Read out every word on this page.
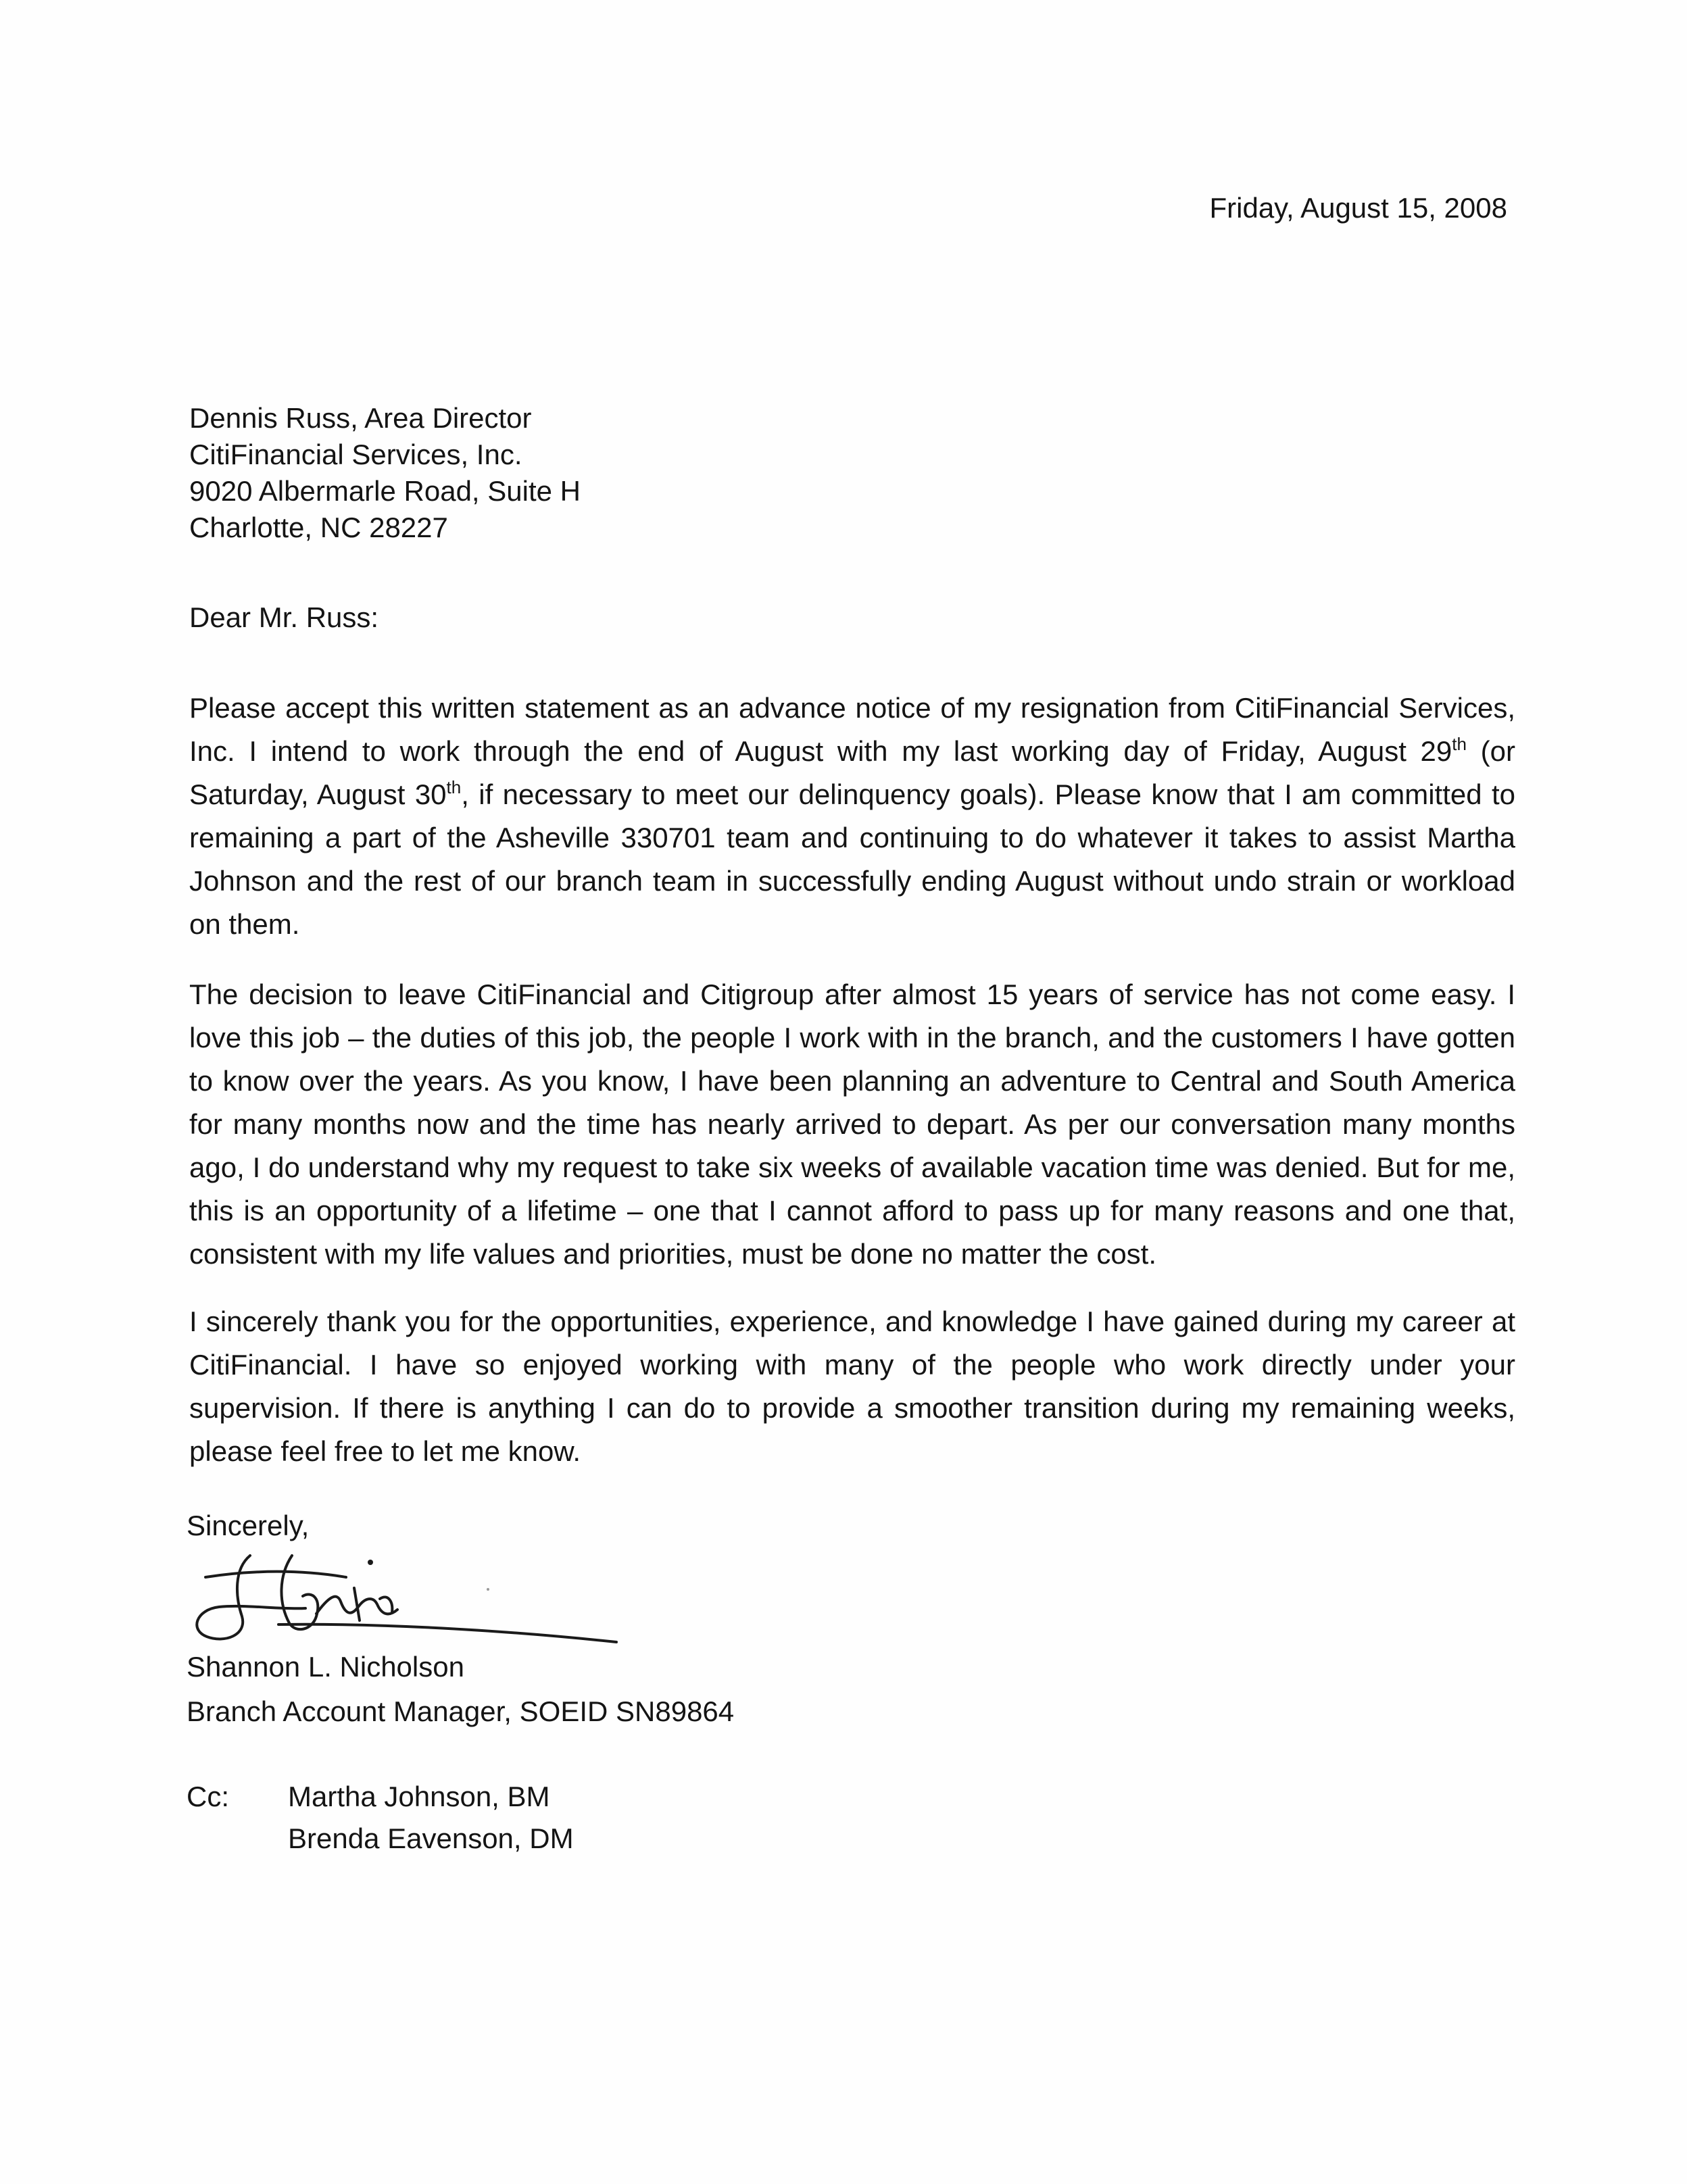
Friday, August 15, 2008
Dennis Russ, Area Director
CitiFinancial Services, Inc.
9020 Albermarle Road, Suite H
Charlotte, NC 28227
Dear Mr. Russ:

Please accept this written statement as an advance notice of my resignation from CitiFinancial Services, Inc. I intend to work through the end of August with my last working day of Friday, August 29th (or Saturday, August 30th, if necessary to meet our delinquency goals). Please know that I am committed to remaining a part of the Asheville 330701 team and continuing to do whatever it takes to assist Martha Johnson and the rest of our branch team in successfully ending August without undo strain or workload on them.

The decision to leave CitiFinancial and Citigroup after almost 15 years of service has not come easy. I love this job – the duties of this job, the people I work with in the branch, and the customers I have gotten to know over the years. As you know, I have been planning an adventure to Central and South America for many months now and the time has nearly arrived to depart. As per our conversation many months ago, I do understand why my request to take six weeks of available vacation time was denied. But for me, this is an opportunity of a lifetime – one that I cannot afford to pass up for many reasons and one that, consistent with my life values and priorities, must be done no matter the cost.

I sincerely thank you for the opportunities, experience, and knowledge I have gained during my career at CitiFinancial. I have so enjoyed working with many of the people who work directly under your supervision. If there is anything I can do to provide a smoother transition during my remaining weeks, please feel free to let me know.

Sincerely,
Shannon L. Nicholson
Branch Account Manager, SOEID SN89864
Cc: Martha Johnson, BM
Brenda Eavenson, DM
